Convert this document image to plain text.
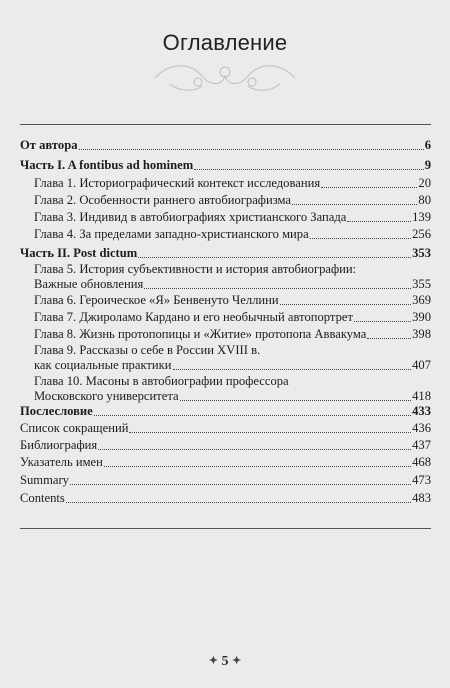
Оглавление
От автора	6
Часть I. A fontibus ad hominem	9
Глава 1. Историографический контекст исследования	20
Глава 2. Особенности раннего автобиографизма	80
Глава 3. Индивид в автобиографиях христианского Запада	139
Глава 4. За пределами западно-христианского мира	256
Часть II. Post dictum	353
Глава 5. История субъективности и история автобиографии:
Важные обновления	355
Глава 6. Героическое «Я» Бенвенуто Челлини	369
Глава 7. Джироламо Кардано и его необычный автопортрет	390
Глава 8. Жизнь протопопицы и «Житие» протопопа Аввакума	398
Глава 9. Рассказы о себе в России XVIII в.
как социальные практики	407
Глава 10. Масоны в автобиографии профессора
Московского университета	418
Послесловие	433
Список сокращений	436
Библиография	437
Указатель имен	468
Summary	473
Contents	483
✦ 5 ✦
